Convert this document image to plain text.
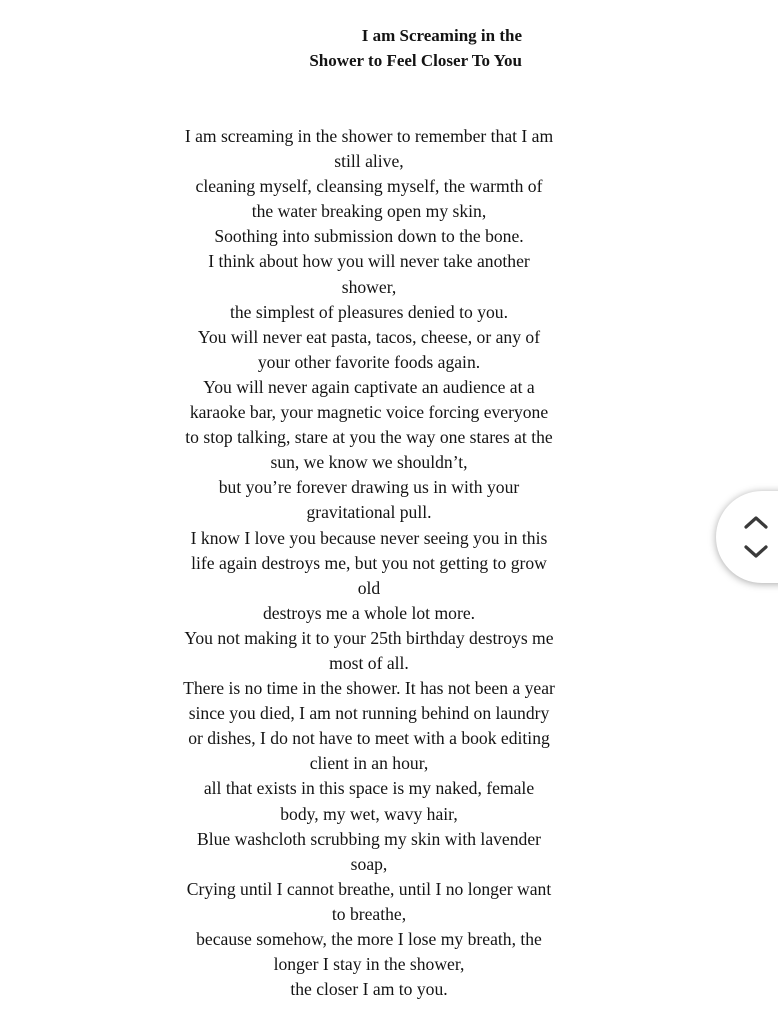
I am Screaming in the
Shower to Feel Closer To You
I am screaming in the shower to remember that I am
still alive,
cleaning myself, cleansing myself, the warmth of
the water breaking open my skin,
Soothing into submission down to the bone.
I think about how you will never take another
shower,
the simplest of pleasures denied to you.
You will never eat pasta, tacos, cheese, or any of
your other favorite foods again.
You will never again captivate an audience at a
karaoke bar, your magnetic voice forcing everyone
to stop talking, stare at you the way one stares at the
sun, we know we shouldn’t,
but you’re forever drawing us in with your
gravitational pull.
I know I love you because never seeing you in this
life again destroys me, but you not getting to grow
old
destroys me a whole lot more.
You not making it to your 25th birthday destroys me
most of all.
There is no time in the shower. It has not been a year
since you died, I am not running behind on laundry
or dishes, I do not have to meet with a book editing
client in an hour,
all that exists in this space is my naked, female
body, my wet, wavy hair,
Blue washcloth scrubbing my skin with lavender
soap,
Crying until I cannot breathe, until I no longer want
to breathe,
because somehow, the more I lose my breath, the
longer I stay in the shower,
the closer I am to you.
